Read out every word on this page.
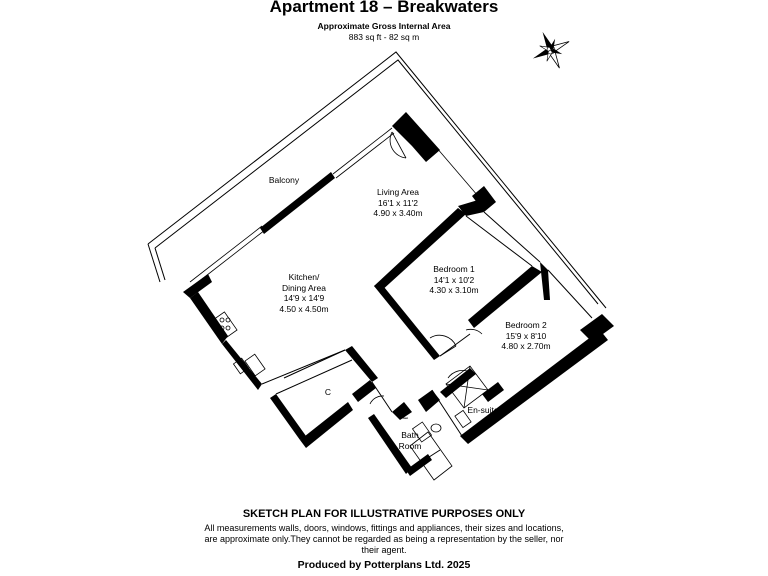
Apartment 18 – Breakwaters
Approximate Gross Internal Area
883 sq ft - 82 sq m
Balcony
Living Area
16'1 x 11'2
4.90 x 3.40m
Kitchen/
Dining Area
14'9 x 14'9
4.50 x 4.50m
Bedroom 1
14'1 x 10'2
4.30 x 3.10m
Bedroom 2
15'9 x 8'10
4.80 x 2.70m
C
En-suite
Bath
Room
SKETCH PLAN FOR ILLUSTRATIVE PURPOSES ONLY
All measurements walls, doors, windows, fittings and appliances, their sizes and locations, are approximate only.They cannot be regarded as being a representation by the seller, nor their agent.
Produced by Potterplans Ltd. 2025
